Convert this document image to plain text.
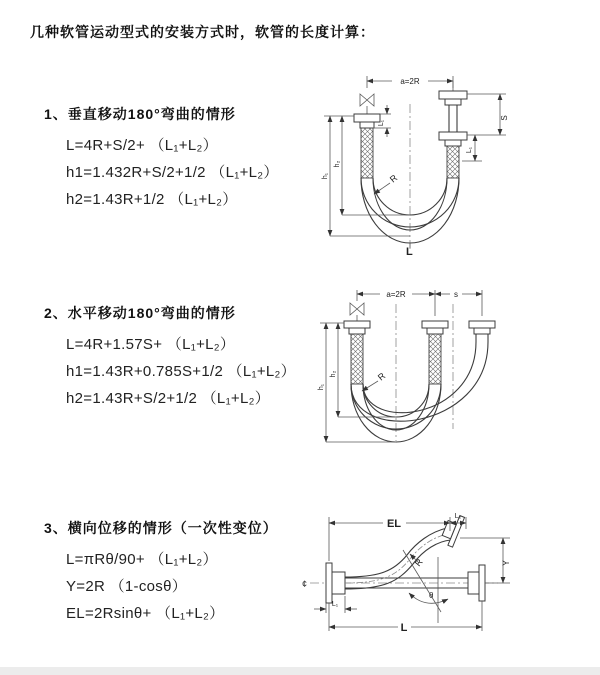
几种软管运动型式的安装方式时，软管的长度计算：
1、垂直移动180°弯曲的情形
L=4R+S/2+ （L₁+L₂）
h1=1.432R+S/2+1/2 （L₁+L₂）
h2=1.43R+1/2 （L₁+L₂）
2、水平移动180°弯曲的情形
L=4R+1.57S+ （L₁+L₂）
h1=1.43R+0.785S+1/2 （L₁+L₂）
h2=1.43R+S/2+1/2 （L₁+L₂）
3、横向位移的情形（一次性变位）
L=πRθ/90+ （L₁+L₂）
Y=2R （1-cosθ）
EL=2Rsinθ+ （L₁+L₂）
a=2R
S
L₁
L₁
h₁
h₂
R
L
a=2R	s
h₁
h₂	R
¢
θ
R
EL
L₂
Y
L
L₁
